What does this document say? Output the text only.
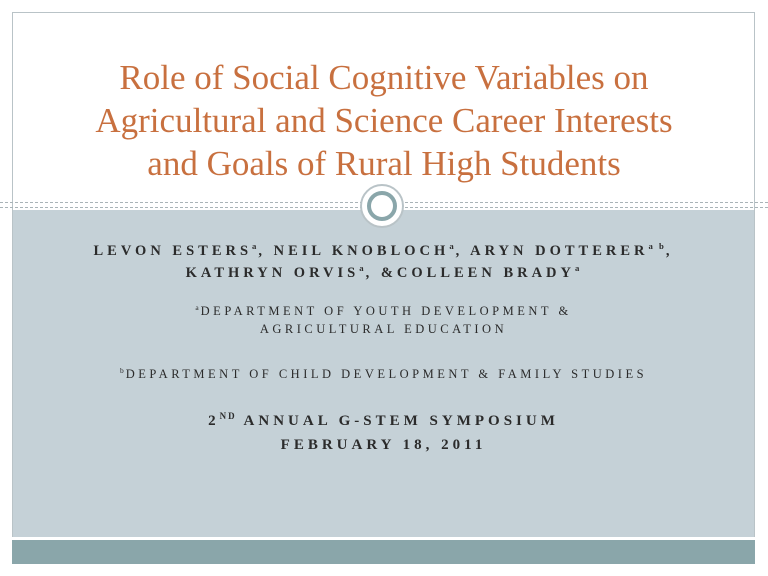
Role of Social Cognitive Variables on
Agricultural and Science Career Interests
and Goals of Rural High Students

LEVON ESTERS$^a$, NEIL KNOBLOCH$^a$, ARYN $DOTTERER^{a b}$,

KATHRYN ORVIS$^a$, &COLLEEN BRADY$^a$

$^a$DEPARTMENT OF YOUTH DEVELOPMENT &

AGRICULTURAL EDUCATION

$^b$DEPARTMENT OF CHILD DEVELOPMENT & FAMILY STUDIES

2ND ANNUAL G-STEM SYMPOSIUM

FEBRUARY 18, 2011
